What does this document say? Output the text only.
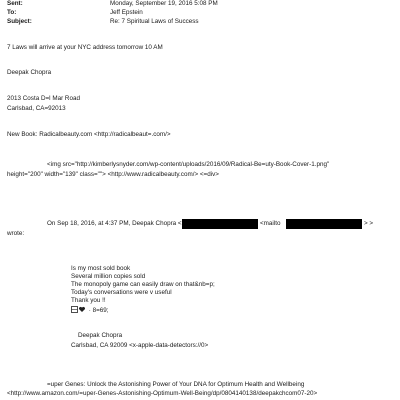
Sent:	Monday, September 19, 2016 5:08 PM
To:	Jeff Epstein
Subject:	Re: 7 Spiritual Laws of Success
7 Laws will arrive at your NYC address tomorrow 10 AM
Deepak Chopra
2013 Costa D=l Mar Road
Carlsbad, CA=92013
New Book: Radicalbeauty.com <http://radicalbeaut=.com/>
<img src="http://kimberlysnyder.com/wp-content/uploads/2016/09/Radical-Be=uty-Book-Cover-1.png"
height="200" width="139" class=""> <http://www.radicalbeauty.com/> <=div>
On Sep 18, 2016, at 4:37 PM, Deepak Chopra <	<mailto	> >
wrote:
Is my most sold book
Several million copies sold
The monopoly game can easily draw on that&nb=p;
Today's conversations were v useful
Thank you !!
· 8=69;
Deepak Chopra
Carlsbad, CA 92009 <x-apple-data-detectors://0>
=uper Genes: Unlock the Astonishing Power of Your DNA for Optimum Health and Wellbeing
<http://www.amazon.com/=uper-Genes-Astonishing-Optimum-Well-Being/dp/0804140138/deepakchcom07-20>
